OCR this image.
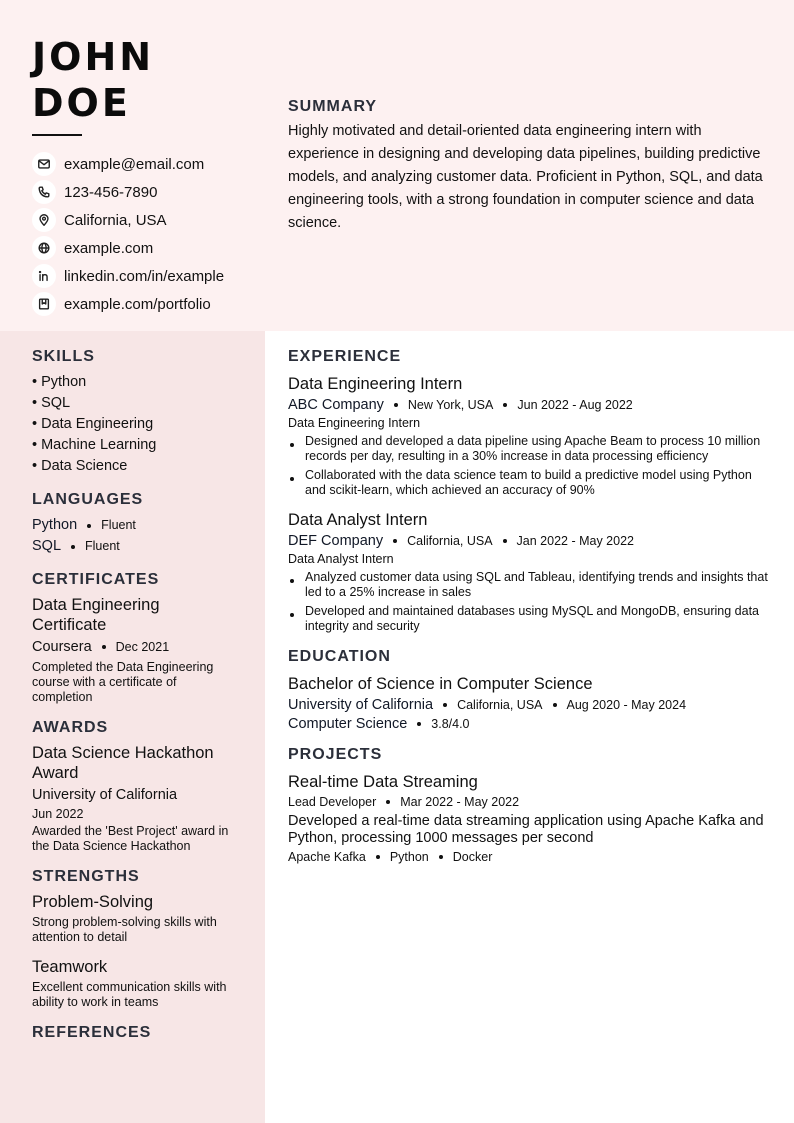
JOHN
DOE
example@email.com
123-456-7890
California, USA
example.com
linkedin.com/in/example
example.com/portfolio
SUMMARY

Highly motivated and detail-oriented data engineering intern with experience in designing and developing data pipelines, building predictive models, and analyzing customer data. Proficient in Python, SQL, and data engineering tools, with a strong foundation in computer science and data science.

SKILLS
• Python
• SQL
• Data Engineering
• Machine Learning
• Data Science
LANGUAGES
Python Fluent
SQL Fluent
CERTIFICATES
Data Engineering Certificate
Coursera Dec 2021
Completed the Data Engineering course with a certificate of completion
AWARDS
Data Science Hackathon Award
University of California
Jun 2022
Awarded the 'Best Project' award in the Data Science Hackathon
STRENGTHS
Problem-Solving
Strong problem-solving skills with attention to detail
Teamwork
Excellent communication skills with ability to work in teams
REFERENCES
EXPERIENCE
Data Engineering Intern
ABC Company New York, USA Jun 2022 - Aug 2022
Data Engineering Intern
Designed and developed a data pipeline using Apache Beam to process 10 million records per day, resulting in a 30% increase in data processing efficiency
Collaborated with the data science team to build a predictive model using Python and scikit-learn, which achieved an accuracy of 90%
Data Analyst Intern
DEF Company California, USA Jan 2022 - May 2022
Data Analyst Intern
Analyzed customer data using SQL and Tableau, identifying trends and insights that led to a 25% increase in sales
Developed and maintained databases using MySQL and MongoDB, ensuring data integrity and security
EDUCATION
Bachelor of Science in Computer Science
University of California California, USA Aug 2020 - May 2024
Computer Science 3.8/4.0
PROJECTS
Real-time Data Streaming
Lead Developer Mar 2022 - May 2022
Developed a real-time data streaming application using Apache Kafka and Python, processing 1000 messages per second
Apache Kafka Python Docker
